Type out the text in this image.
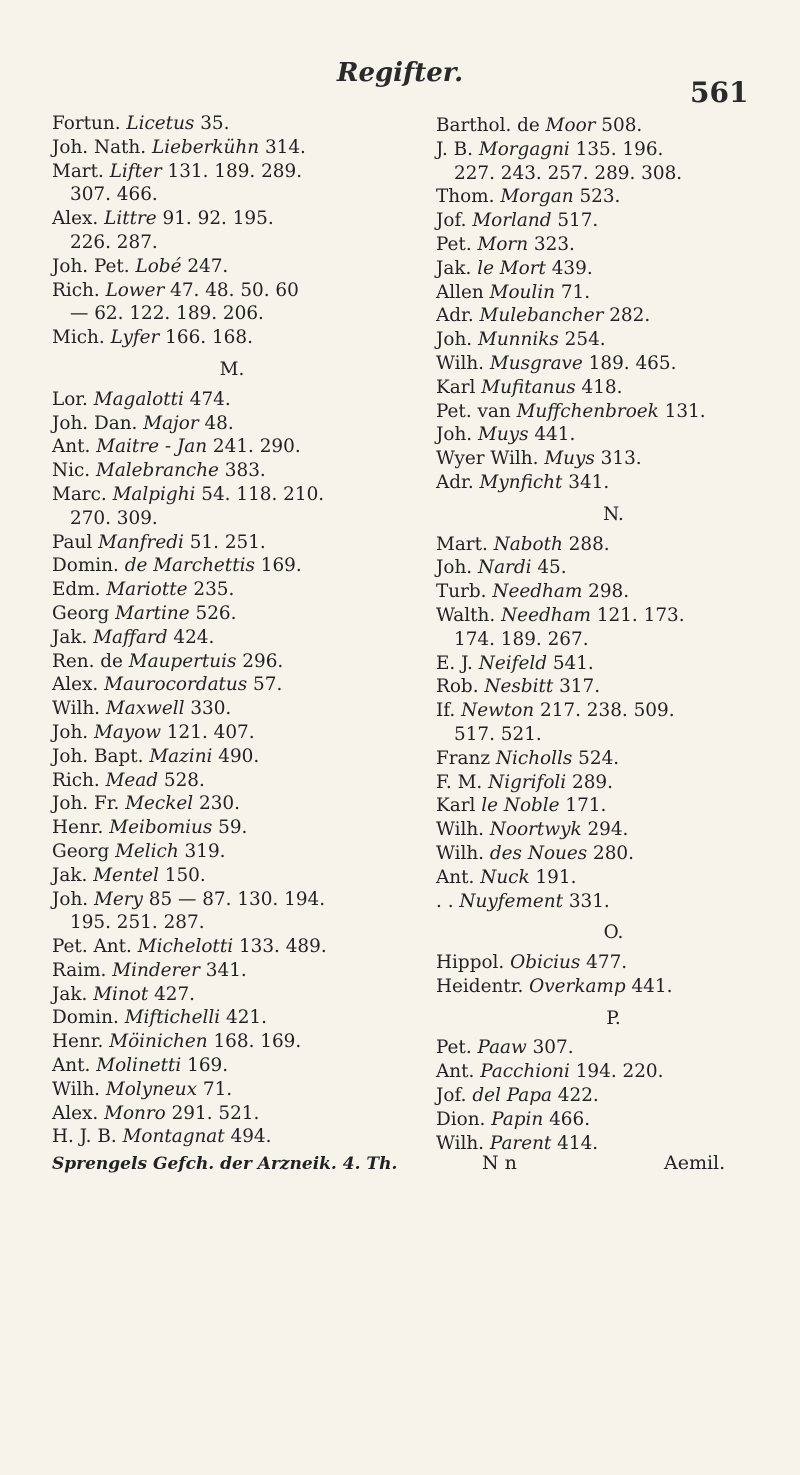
Regifter.
561
Fortun. Licetus 35.
Joh. Nath. Lieberkühn 314.
Mart. Lifter 131. 189. 289.
307. 466.
Alex. Littre 91. 92. 195.
226. 287.
Joh. Pet. Lobé 247.
Rich. Lower 47. 48. 50. 60
— 62. 122. 189. 206.
Mich. Lyfer 166. 168.
M.
Lor. Magalotti 474.
Joh. Dan. Major 48.
Ant. Maitre - Jan 241. 290.
Nic. Malebranche 383.
Marc. Malpighi 54. 118. 210.
270. 309.
Paul Manfredi 51. 251.
Domin. de Marchettis 169.
Edm. Mariotte 235.
Georg Martine 526.
Jak. Maffard 424.
Ren. de Maupertuis 296.
Alex. Maurocordatus 57.
Wilh. Maxwell 330.
Joh. Mayow 121. 407.
Joh. Bapt. Mazini 490.
Rich. Mead 528.
Joh. Fr. Meckel 230.
Henr. Meibomius 59.
Georg Melich 319.
Jak. Mentel 150.
Joh. Mery 85 — 87. 130. 194.
195. 251. 287.
Pet. Ant. Michelotti 133. 489.
Raim. Minderer 341.
Jak. Minot 427.
Domin. Miftichelli 421.
Henr. Möinichen 168. 169.
Ant. Molinetti 169.
Wilh. Molyneux 71.
Alex. Monro 291. 521.
H. J. B. Montagnat 494.
Barthol. de Moor 508.
J. B. Morgagni 135. 196.
227. 243. 257. 289. 308.
Thom. Morgan 523.
Jof. Morland 517.
Pet. Morn 323.
Jak. le Mort 439.
Allen Moulin 71.
Adr. Mulebancher 282.
Joh. Munniks 254.
Wilh. Musgrave 189. 465.
Karl Mufitanus 418.
Pet. van Muffchenbroek 131.
Joh. Muys 441.
Wyer Wilh. Muys 313.
Adr. Mynficht 341.
N.
Mart. Naboth 288.
Joh. Nardi 45.
Turb. Needham 298.
Walth. Needham 121. 173.
174. 189. 267.
E. J. Neifeld 541.
Rob. Nesbitt 317.
If. Newton 217. 238. 509.
517. 521.
Franz Nicholls 524.
F. M. Nigrifoli 289.
Karl le Noble 171.
Wilh. Noortwyk 294.
Wilh. des Noues 280.
Ant. Nuck 191.
. . Nuyfement 331.
O.
Hippol. Obicius 477.
Heidentr. Overkamp 441.
P.
Pet. Paaw 307.
Ant. Pacchioni 194. 220.
Jof. del Papa 422.
Dion. Papin 466.
Wilh. Parent 414.
Sprengels Gefch. der Arzneik. 4. Th.	N n	Aemil.
